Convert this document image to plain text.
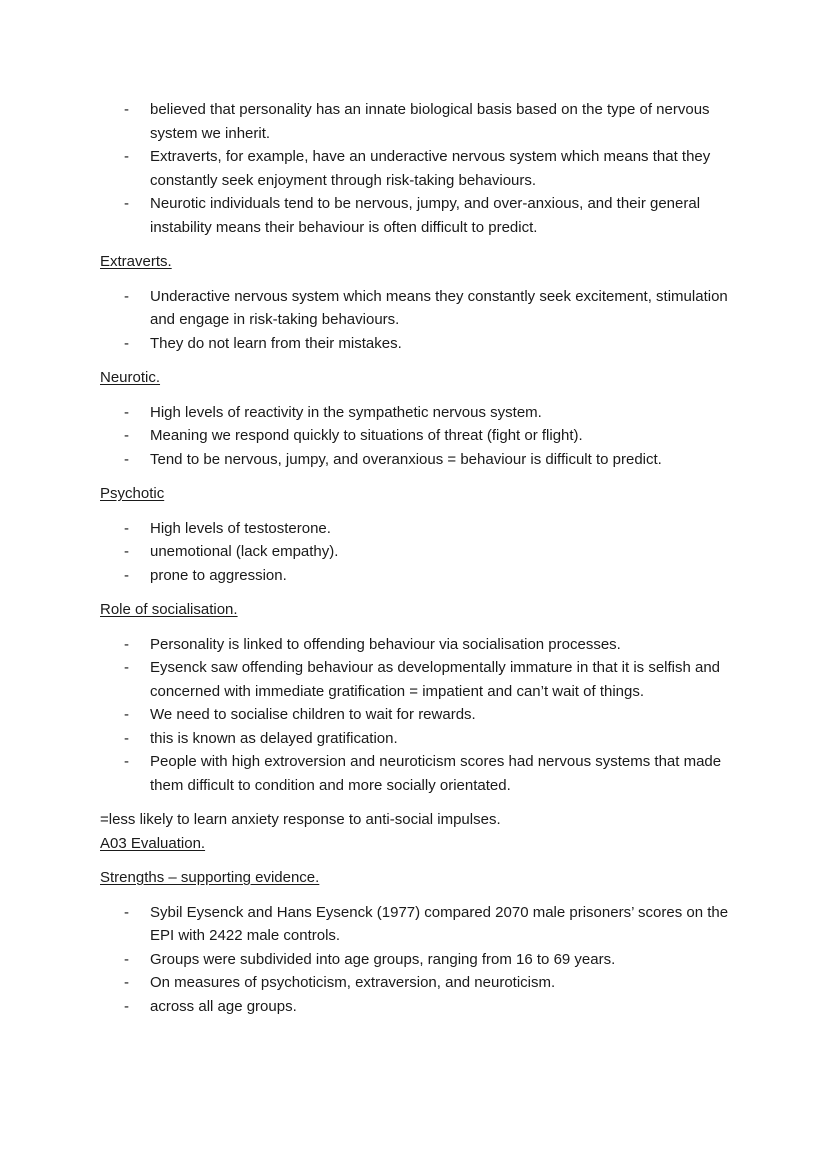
- believed that personality has an innate biological basis based on the type of nervous system we inherit.
- Extraverts, for example, have an underactive nervous system which means that they constantly seek enjoyment through risk-taking behaviours.
- Neurotic individuals tend to be nervous, jumpy, and over-anxious, and their general instability means their behaviour is often difficult to predict.

Extraverts.

- Underactive nervous system which means they constantly seek excitement, stimulation and engage in risk-taking behaviours.
- They do not learn from their mistakes.

Neurotic.

- High levels of reactivity in the sympathetic nervous system.
- Meaning we respond quickly to situations of threat (fight or flight).
- Tend to be nervous, jumpy, and overanxious = behaviour is difficult to predict.

Psychotic

- High levels of testosterone.
- unemotional (lack empathy).
- prone to aggression.

Role of socialisation.

- Personality is linked to offending behaviour via socialisation processes.
- Eysenck saw offending behaviour as developmentally immature in that it is selfish and concerned with immediate gratification = impatient and can’t wait of things.
- We need to socialise children to wait for rewards.
- this is known as delayed gratification.
- People with high extroversion and neuroticism scores had nervous systems that made them difficult to condition and more socially orientated.

=less likely to learn anxiety response to anti-social impulses.

A03 Evaluation.

Strengths – supporting evidence.

- Sybil Eysenck and Hans Eysenck (1977) compared 2070 male prisoners’ scores on the EPI with 2422 male controls.
- Groups were subdivided into age groups, ranging from 16 to 69 years.
- On measures of psychoticism, extraversion, and neuroticism.
- across all age groups.
